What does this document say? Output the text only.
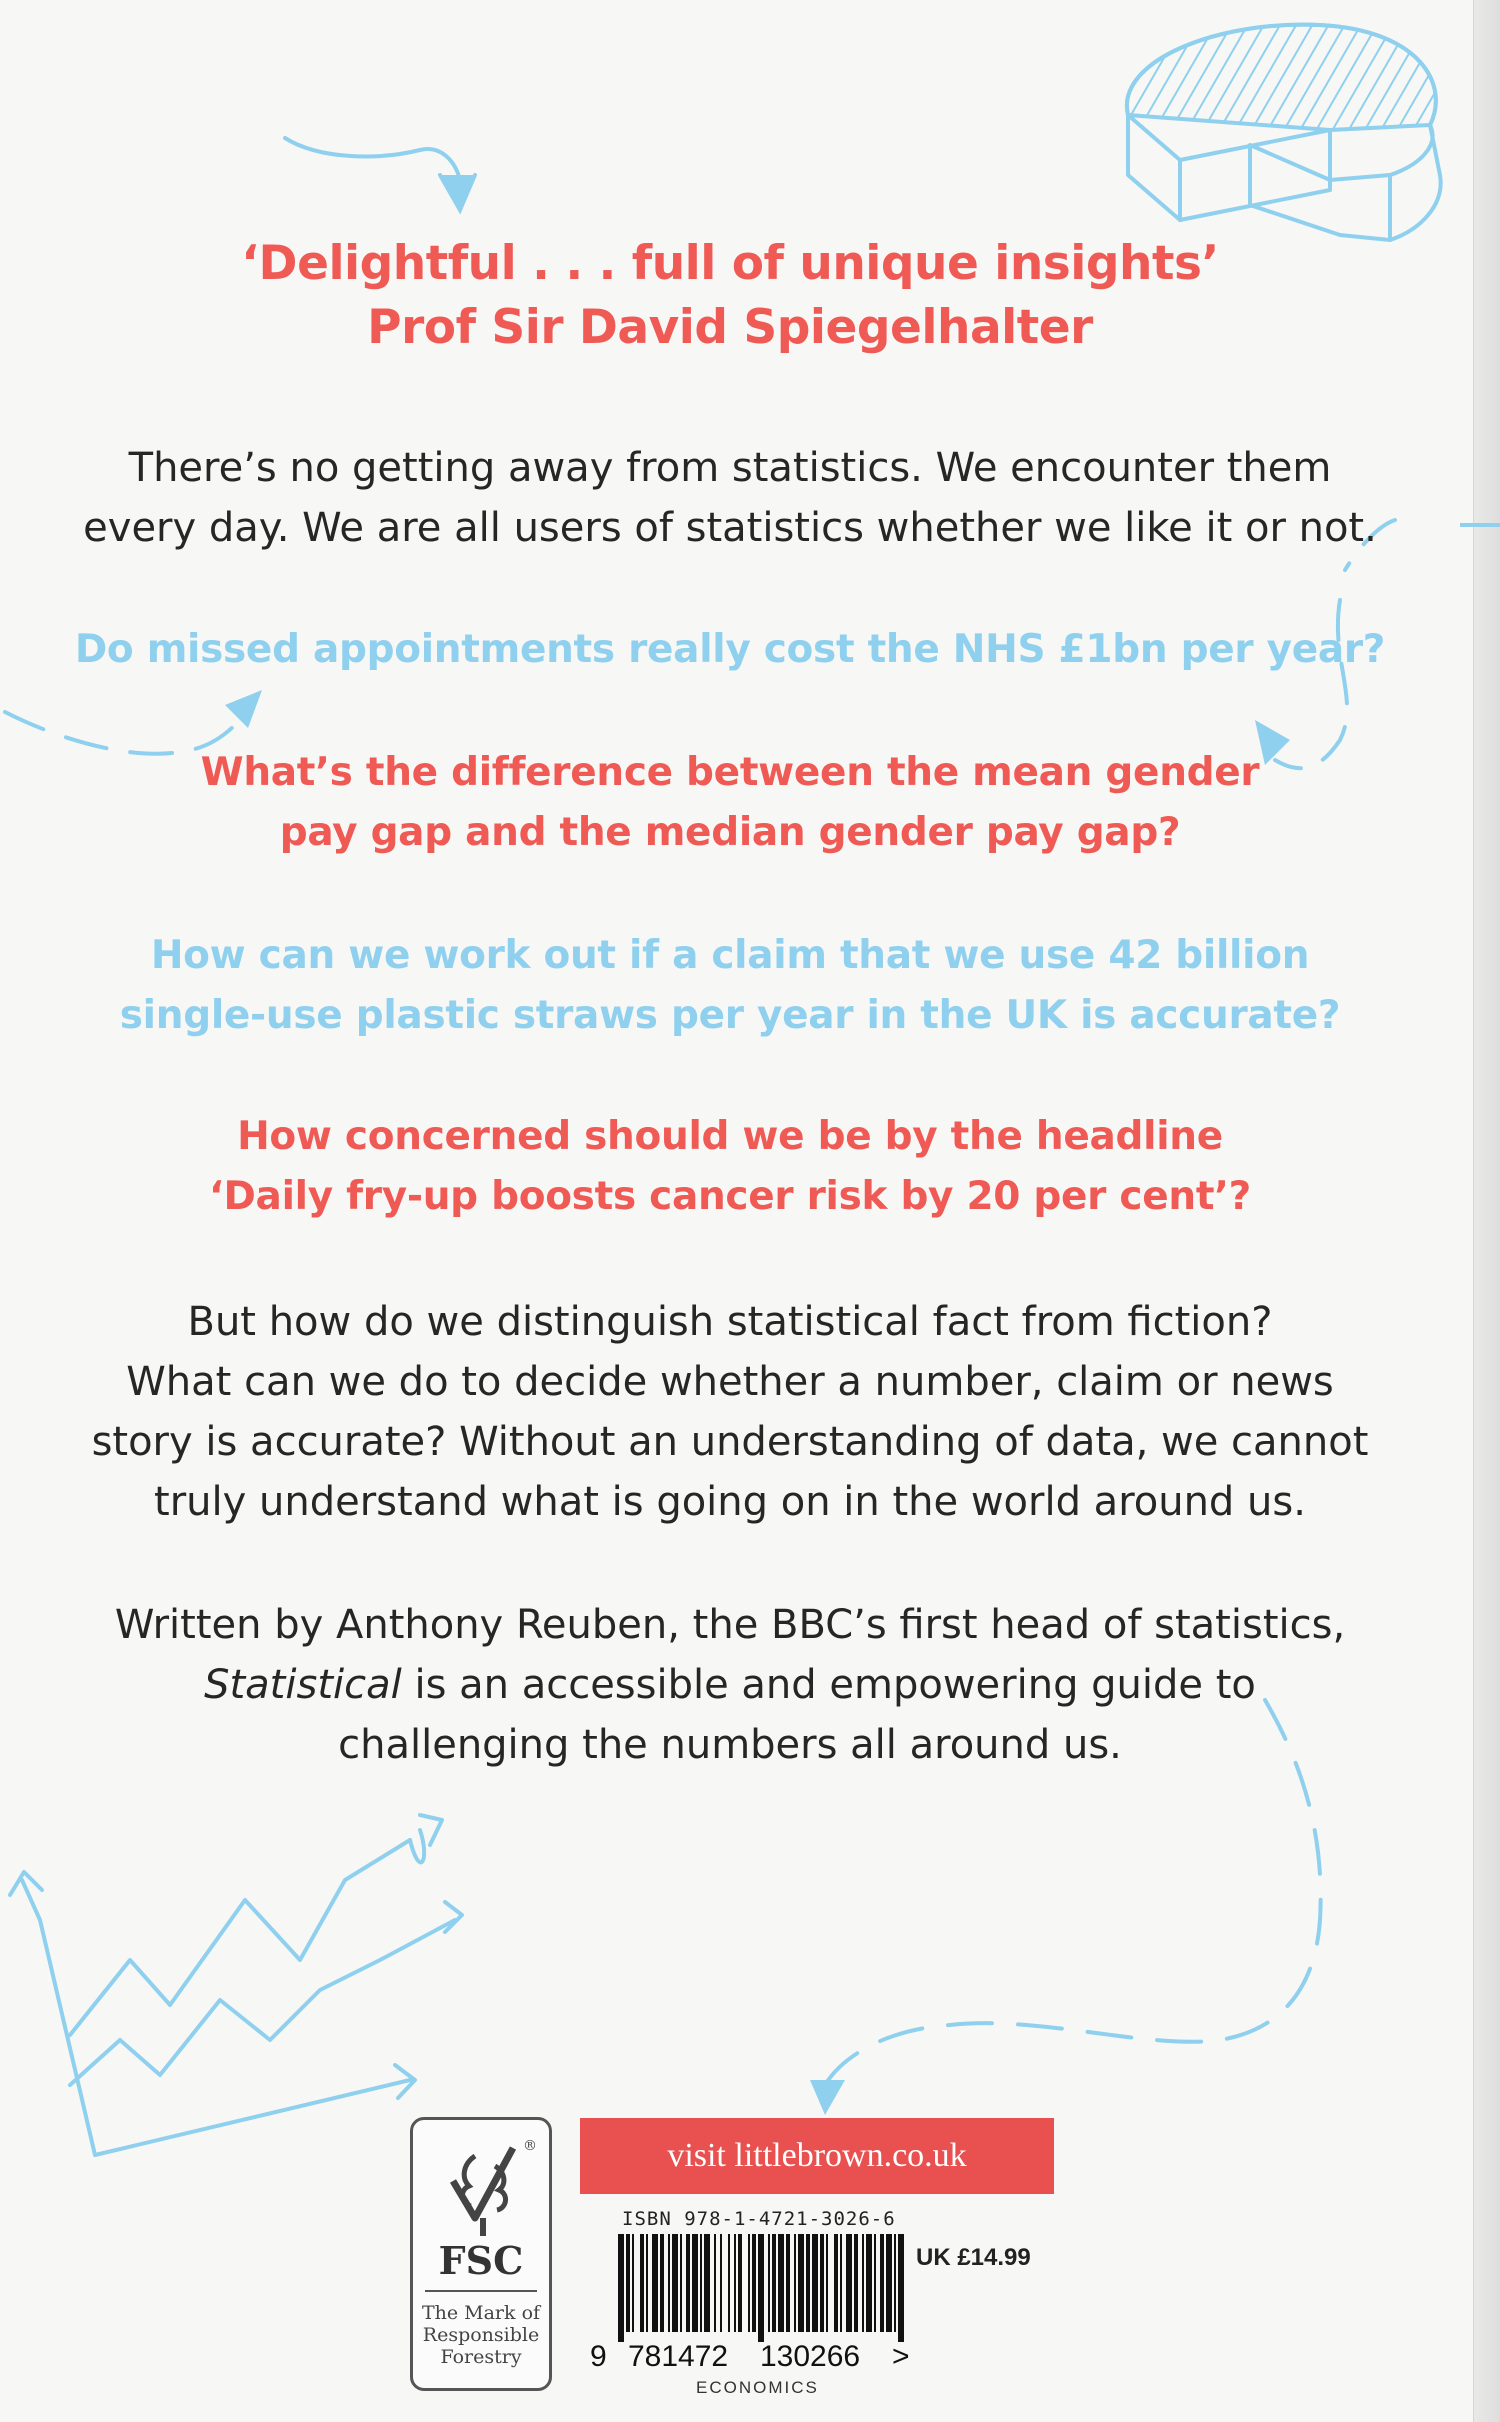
‘Delightful . . . full of unique insights’
Prof Sir David Spiegelhalter
There’s no getting away from statistics. We encounter them
every day. We are all users of statistics whether we like it or not.
Do missed appointments really cost the NHS £1bn per year?
What’s the difference between the mean gender
pay gap and the median gender pay gap?
How can we work out if a claim that we use 42 billion
single-use plastic straws per year in the UK is accurate?
How concerned should we be by the headline
‘Daily fry-up boosts cancer risk by 20 per cent’?
But how do we distinguish statistical fact from fiction?
What can we do to decide whether a number, claim or news
story is accurate? Without an understanding of data, we cannot
truly understand what is going on in the world around us.
Written by Anthony Reuben, the BBC’s first head of statistics,
Statistical is an accessible and empowering guide to
challenging the numbers all around us.
®
FSC
The Mark of
Responsible
Forestry
visit littlebrown.co.uk
ISBN 978-1-4721-3026-6
9 781472 130266 >
UK £14.99
ECONOMICS
